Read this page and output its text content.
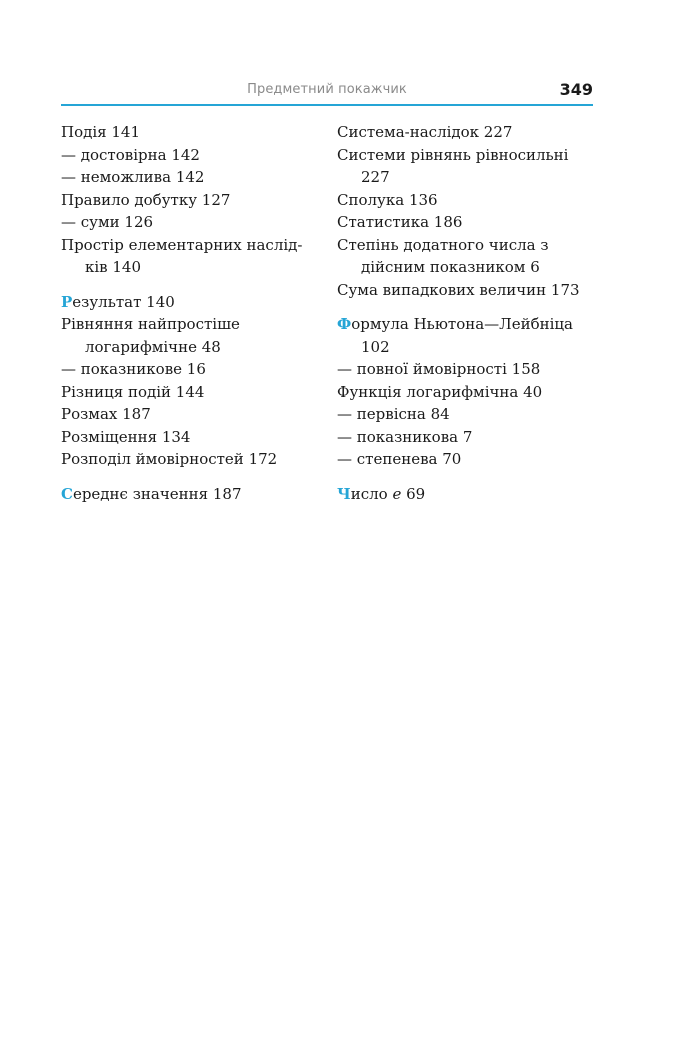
Предметний покажчик	349

Подія 141

— достовірна 142

— неможлива 142

Правило добутку 127

— суми 126

Простір елементарних наслід-ків 140

Результат 140

Рівняння найпростіше логарифмічне 48

— показникове 16

Різниця подій 144

Розмах 187

Розміщення 134

Розподіл ймовірностей 172

Середнє значення 187

Система-наслідок 227

Системи рівнянь рівносильні 227

Сполука 136

Статистика 186

Степінь додатного числа з дійсним показником 6

Сума випадкових величин 173

Формула Ньютона—Лейбніца 102

— повної ймовірності 158

Функція логарифмічна 40

— первісна 84

— показникова 7

— степенева 70

Число e 69
